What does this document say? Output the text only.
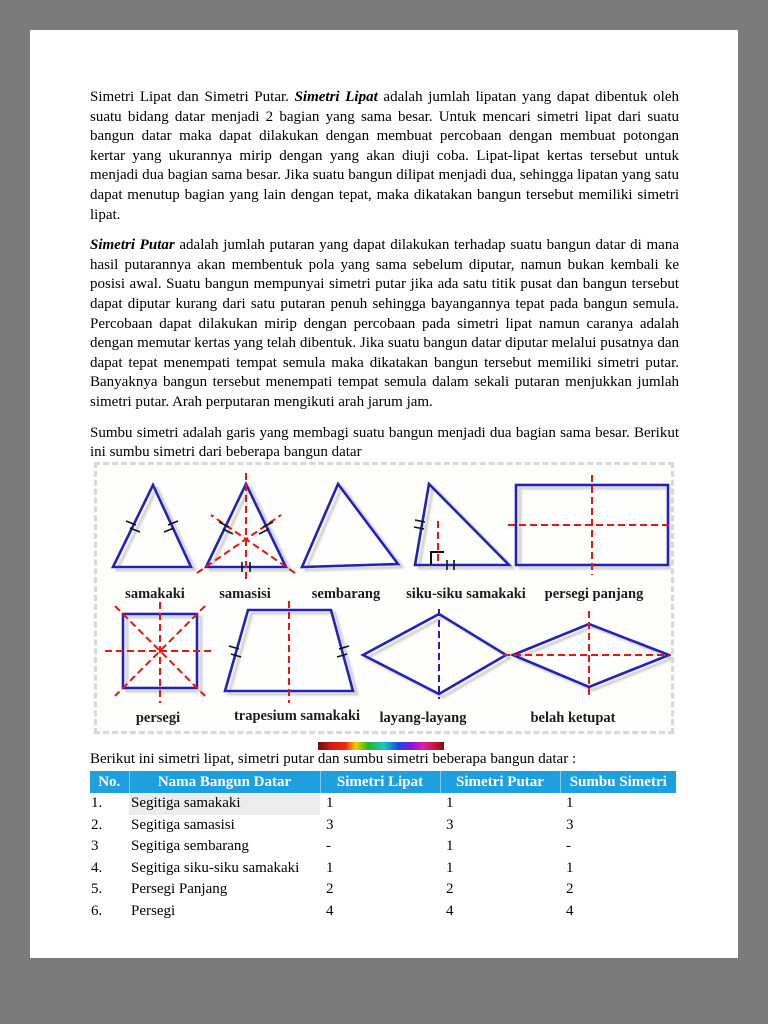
Simetri Lipat dan Simetri Putar. Simetri Lipat adalah jumlah lipatan yang dapat dibentuk oleh suatu bidang datar menjadi 2 bagian yang sama besar. Untuk mencari simetri lipat dari suatu bangun datar maka dapat dilakukan dengan membuat percobaan dengan membuat potongan kertar yang ukurannya mirip dengan yang akan diuji coba. Lipat-lipat kertas tersebut untuk menjadi dua bagian sama besar. Jika suatu bangun dilipat menjadi dua, sehingga lipatan yang satu dapat menutup bagian yang lain dengan tepat, maka dikatakan bangun tersebut memiliki simetri lipat.

Simetri Putar adalah jumlah putaran yang dapat dilakukan terhadap suatu bangun datar di mana hasil putarannya akan membentuk pola yang sama sebelum diputar, namun bukan kembali ke posisi awal. Suatu bangun mempunyai simetri putar jika ada satu titik pusat dan bangun tersebut dapat diputar kurang dari satu putaran penuh sehingga bayangannya tepat pada bangun semula. Percobaan dapat dilakukan mirip dengan percobaan pada simetri lipat namun caranya adalah dengan memutar kertas yang telah dibentuk. Jika suatu bangun datar diputar melalui pusatnya dan dapat tepat menempati tempat semula maka dikatakan bangun tersebut memiliki simetri putar. Banyaknya bangun tersebut menempati tempat semula dalam sekali putaran menjukkan jumlah simetri putar. Arah perputaran mengikuti arah jarum jam.

Sumbu simetri adalah garis yang membagi suatu bangun menjadi dua bagian sama besar. Berikut ini sumbu simetri dari beberapa bangun datar

samakaki samasisi	sembarang siku-siku samakaki persegi panjang
persegi	trapesium samakaki layang-layang	belah ketupat
Berikut ini simetri lipat, simetri putar dan sumbu simetri beberapa bangun datar :
No.	Nama Bangun Datar	Simetri Lipat	Simetri Putar	Sumbu Simetri
1.	Segitiga samakaki	1	1	1
2.	Segitiga samasisi	3	3	3
3	Segitiga sembarang	-	1	-
4.	Segitiga siku-siku samakaki	1	1	1
5.	Persegi Panjang	2	2	2
6.	Persegi	4	4	4
